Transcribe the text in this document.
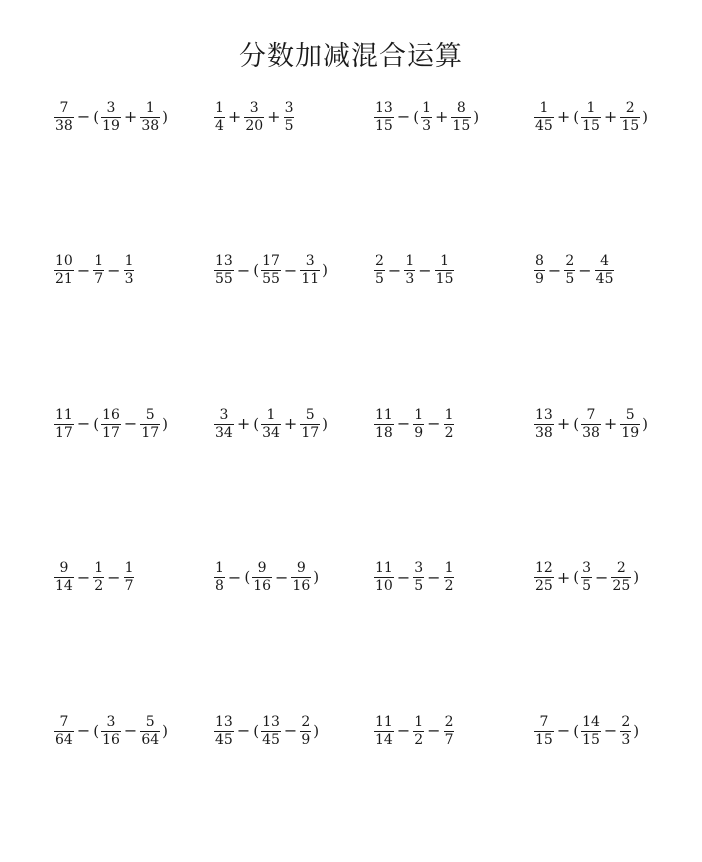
分数加减混合运算
$\frac{7}{38}$ − ( $\frac{3}{19} + \frac{1}{38}$ )	$\frac{1}{4} + \frac{3}{20} + \frac{3}{5}$	$\frac{13}{15}$ − ( $\frac{1}{3} + \frac{8}{15}$ )	$\frac{1}{45}$ + ( $\frac{1}{15} + \frac{2}{15}$ )
$\frac{10}{21} - \frac{1}{7} - \frac{1}{3}$	$\frac{13}{55}$ − ( $\frac{17}{55} - \frac{3}{11}$ )	$\frac{2}{5} - \frac{1}{3} - \frac{1}{15}$	$\frac{8}{9} - \frac{2}{5} - \frac{4}{45}$
$\frac{11}{17}$ − ( $\frac{16}{17} - \frac{5}{17}$ )	$\frac{3}{34}$ + ( $\frac{1}{34} + \frac{5}{17}$ )	$\frac{11}{18} - \frac{1}{9} - \frac{1}{2}$	$\frac{13}{38}$ + ( $\frac{7}{38} + \frac{5}{19}$ )
$\frac{9}{14} - \frac{1}{2} - \frac{1}{7}$	$\frac{1}{8}$ − ( $\frac{9}{16} - \frac{9}{16}$ )	$\frac{11}{10} - \frac{3}{5} - \frac{1}{2}$	$\frac{12}{25}$ + ( $\frac{3}{5} - \frac{2}{25}$ )
$\frac{7}{64}$ − ( $\frac{3}{16} - \frac{5}{64}$ )	$\frac{13}{45}$ − ( $\frac{13}{45} - \frac{2}{9}$ )	$\frac{11}{14} - \frac{1}{2} - \frac{2}{7}$	$\frac{7}{15}$ − ( $\frac{14}{15} - \frac{2}{3}$ )
